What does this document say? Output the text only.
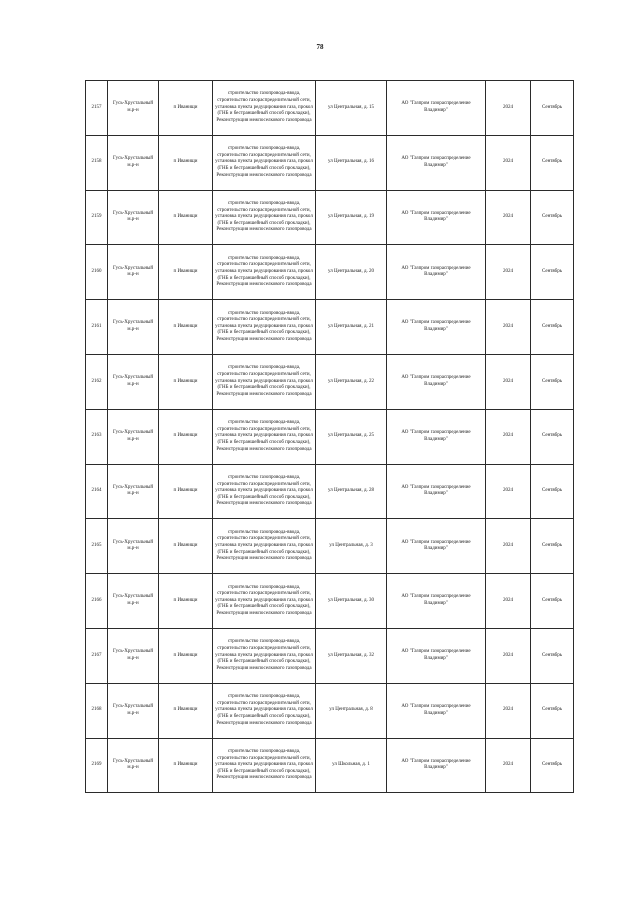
78
2157	Гусь-Хрустальный м.р-н	п Иванищи	строительство газопровода-ввода, строительство газораспределительной сети, установка пункта редуцирования газа, прокол (ГНБ и бестраншейный способ прокладки), Реконструкция межпоселкового газопровода	ул Центральная, д. 15	АО "Газпром газораспределение Владимир"	2024	Сентябрь
2158	Гусь-Хрустальный м.р-н	п Иванищи	строительство газопровода-ввода, строительство газораспределительной сети, установка пункта редуцирования газа, прокол (ГНБ и бестраншейный способ прокладки), Реконструкция межпоселкового газопровода	ул Центральная, д. 16	АО "Газпром газораспределение Владимир"	2024	Сентябрь
2159	Гусь-Хрустальный м.р-н	п Иванищи	строительство газопровода-ввода, строительство газораспределительной сети, установка пункта редуцирования газа, прокол (ГНБ и бестраншейный способ прокладки), Реконструкция межпоселкового газопровода	ул Центральная, д. 19	АО "Газпром газораспределение Владимир"	2024	Сентябрь
2160	Гусь-Хрустальный м.р-н	п Иванищи	строительство газопровода-ввода, строительство газораспределительной сети, установка пункта редуцирования газа, прокол (ГНБ и бестраншейный способ прокладки), Реконструкция межпоселкового газопровода	ул Центральная, д. 20	АО "Газпром газораспределение Владимир"	2024	Сентябрь
2161	Гусь-Хрустальный м.р-н	п Иванищи	строительство газопровода-ввода, строительство газораспределительной сети, установка пункта редуцирования газа, прокол (ГНБ и бестраншейный способ прокладки), Реконструкция межпоселкового газопровода	ул Центральная, д. 21	АО "Газпром газораспределение Владимир"	2024	Сентябрь
2162	Гусь-Хрустальный м.р-н	п Иванищи	строительство газопровода-ввода, строительство газораспределительной сети, установка пункта редуцирования газа, прокол (ГНБ и бестраншейный способ прокладки), Реконструкция межпоселкового газопровода	ул Центральная, д. 22	АО "Газпром газораспределение Владимир"	2024	Сентябрь
2163	Гусь-Хрустальный м.р-н	п Иванищи	строительство газопровода-ввода, строительство газораспределительной сети, установка пункта редуцирования газа, прокол (ГНБ и бестраншейный способ прокладки), Реконструкция межпоселкового газопровода	ул Центральная, д. 25	АО "Газпром газораспределение Владимир"	2024	Сентябрь
2164	Гусь-Хрустальный м.р-н	п Иванищи	строительство газопровода-ввода, строительство газораспределительной сети, установка пункта редуцирования газа, прокол (ГНБ и бестраншейный способ прокладки), Реконструкция межпоселкового газопровода	ул Центральная, д. 28	АО "Газпром газораспределение Владимир"	2024	Сентябрь
2165	Гусь-Хрустальный м.р-н	п Иванищи	строительство газопровода-ввода, строительство газораспределительной сети, установка пункта редуцирования газа, прокол (ГНБ и бестраншейный способ прокладки), Реконструкция межпоселкового газопровода	ул Центральная, д. 3	АО "Газпром газораспределение Владимир"	2024	Сентябрь
2166	Гусь-Хрустальный м.р-н	п Иванищи	строительство газопровода-ввода, строительство газораспределительной сети, установка пункта редуцирования газа, прокол (ГНБ и бестраншейный способ прокладки), Реконструкция межпоселкового газопровода	ул Центральная, д. 30	АО "Газпром газораспределение Владимир"	2024	Сентябрь
2167	Гусь-Хрустальный м.р-н	п Иванищи	строительство газопровода-ввода, строительство газораспределительной сети, установка пункта редуцирования газа, прокол (ГНБ и бестраншейный способ прокладки), Реконструкция межпоселкового газопровода	ул Центральная, д. 32	АО "Газпром газораспределение Владимир"	2024	Сентябрь
2168	Гусь-Хрустальный м.р-н	п Иванищи	строительство газопровода-ввода, строительство газораспределительной сети, установка пункта редуцирования газа, прокол (ГНБ и бестраншейный способ прокладки), Реконструкция межпоселкового газопровода	ул Центральная, д. 8	АО "Газпром газораспределение Владимир"	2024	Сентябрь
2169	Гусь-Хрустальный м.р-н	п Иванищи	строительство газопровода-ввода, строительство газораспределительной сети, установка пункта редуцирования газа, прокол (ГНБ и бестраншейный способ прокладки), Реконструкция межпоселкового газопровода	ул Школьная, д. 1	АО "Газпром газораспределение Владимир"	2024	Сентябрь
